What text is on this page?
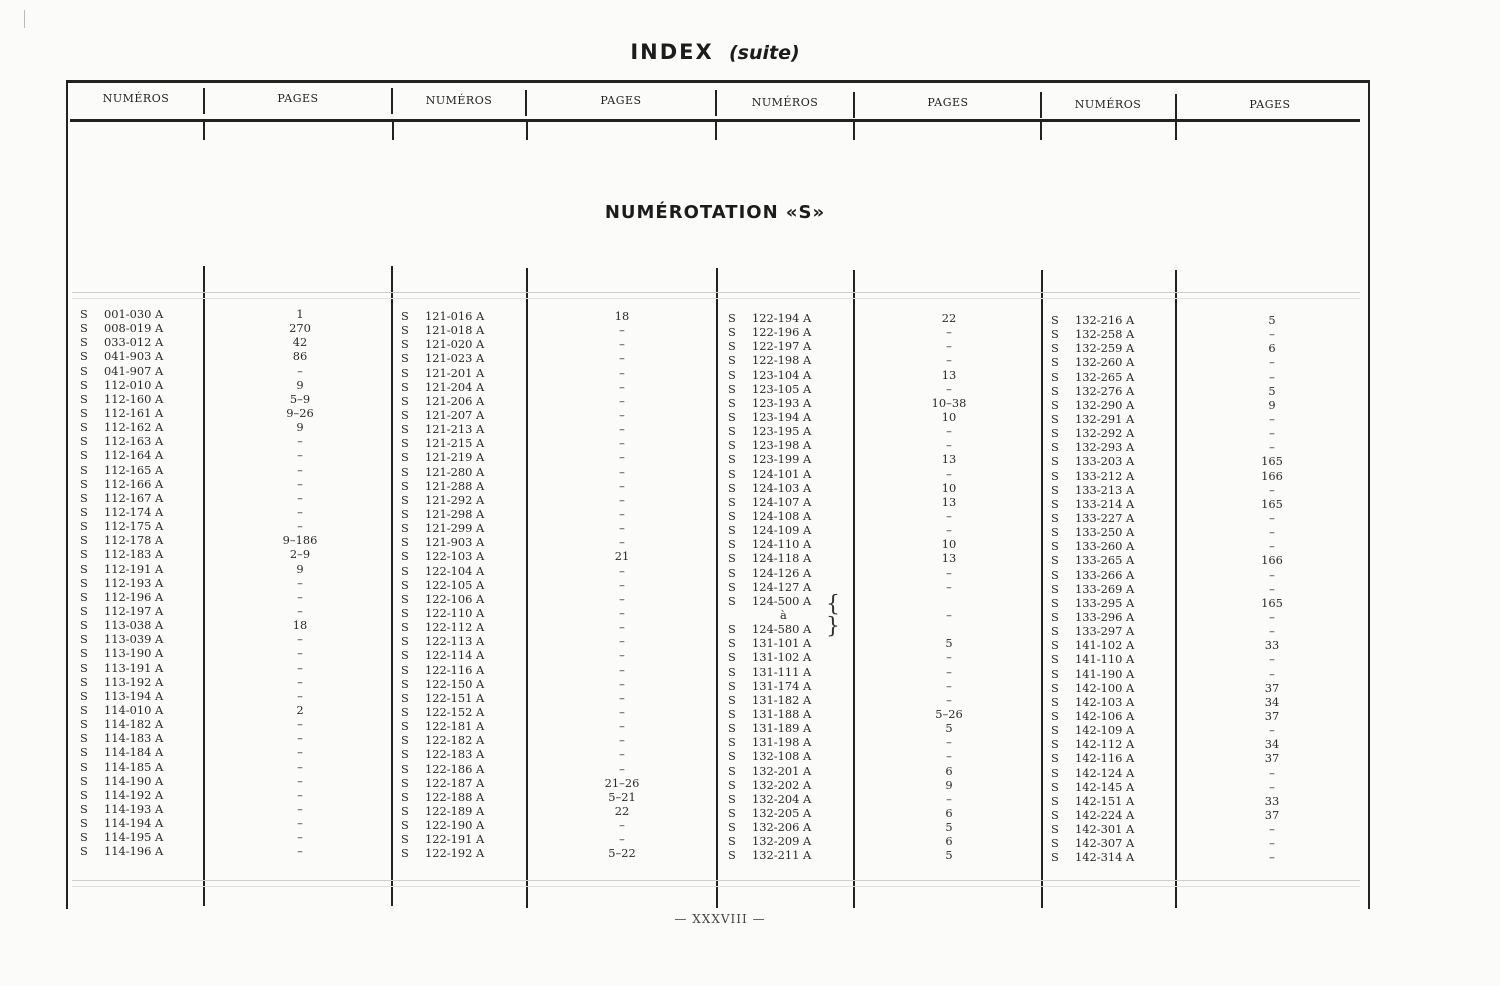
INDEX (suite)
NUMÉROS	PAGES	NUMÉROS	PAGES	NUMÉROS	PAGES	NUMÉROS	PAGES
NUMÉROTATION «S»
S 001-030 A	1
S 008-019 A	270
S 033-012 A	42
S 041-903 A	86
S 041-907 A	–
S 112-010 A	9
S 112-160 A	5–9
S 112-161 A	9–26
S 112-162 A	9
S 112-163 A	–
S 112-164 A	–
S 112-165 A	–
S 112-166 A	–
S 112-167 A	–
S 112-174 A	–
S 112-175 A	–
S 112-178 A	9–186
S 112-183 A	2–9
S 112-191 A	9
S 112-193 A	–
S 112-196 A	–
S 112-197 A	–
S 113-038 A	18
S 113-039 A	–
S 113-190 A	–
S 113-191 A	–
S 113-192 A	–
S 113-194 A	–
S 114-010 A	2
S 114-182 A	–
S 114-183 A	–
S 114-184 A	–
S 114-185 A	–
S 114-190 A	–
S 114-192 A	–
S 114-193 A	–
S 114-194 A	–
S 114-195 A	–
S 114-196 A	–
S 121-016 A	18
S 121-018 A	–
S 121-020 A	–
S 121-023 A	–
S 121-201 A	–
S 121-204 A	–
S 121-206 A	–
S 121-207 A	–
S 121-213 A	–
S 121-215 A	–
S 121-219 A	–
S 121-280 A	–
S 121-288 A	–
S 121-292 A	–
S 121-298 A	–
S 121-299 A	–
S 121-903 A	–
S 122-103 A	21
S 122-104 A	–
S 122-105 A	–
S 122-106 A	–
S 122-110 A	–
S 122-112 A	–
S 122-113 A	–
S 122-114 A	–
S 122-116 A	–
S 122-150 A	–
S 122-151 A	–
S 122-152 A	–
S 122-181 A	–
S 122-182 A	–
S 122-183 A	–
S 122-186 A	–
S 122-187 A	21–26
S 122-188 A	5–21
S 122-189 A	22
S 122-190 A	–
S 122-191 A	–
S 122-192 A	5–22
S 122-194 A	22
S 122-196 A	–
S 122-197 A	–
S 122-198 A	–
S 123-104 A	13
S 123-105 A	–
S 123-193 A	10–38
S 123-194 A	10
S 123-195 A	–
S 123-198 A	–
S 123-199 A	13
S 124-101 A	–
S 124-103 A	10
S 124-107 A	13
S 124-108 A	–
S 124-109 A	–
S 124-110 A	10
S 124-118 A	13
S 124-126 A	–
S 124-127 A	–
S 124-500 A
à	–
S 124-580 A
S 131-101 A	5
S 131-102 A	–
S 131-111 A	–
S 131-174 A	–
S 131-182 A	–
S 131-188 A	5–26
S 131-189 A	5
S 131-198 A	–
S 132-108 A	–
S 132-201 A	6
S 132-202 A	9
S 132-204 A	–
S 132-205 A	6
S 132-206 A	5
S 132-209 A	6
S 132-211 A	5
S 132-216 A	5
S 132-258 A	–
S 132-259 A	6
S 132-260 A	–
S 132-265 A	–
S 132-276 A	5
S 132-290 A	9
S 132-291 A	–
S 132-292 A	–
S 132-293 A	–
S 133-203 A	165
S 133-212 A	166
S 133-213 A	–
S 133-214 A	165
S 133-227 A	–
S 133-250 A	–
S 133-260 A	–
S 133-265 A	166
S 133-266 A	–
S 133-269 A	–
S 133-295 A	165
S 133-296 A	–
S 133-297 A	–
S 141-102 A	33
S 141-110 A	–
S 141-190 A	–
S 142-100 A	37
S 142-103 A	34
S 142-106 A	37
S 142-109 A	–
S 142-112 A	34
S 142-116 A	37
S 142-124 A	–
S 142-145 A	–
S 142-151 A	33
S 142-224 A	37
S 142-301 A	–
S 142-307 A	–
S 142-314 A	–
{
}
— XXXVIII —
